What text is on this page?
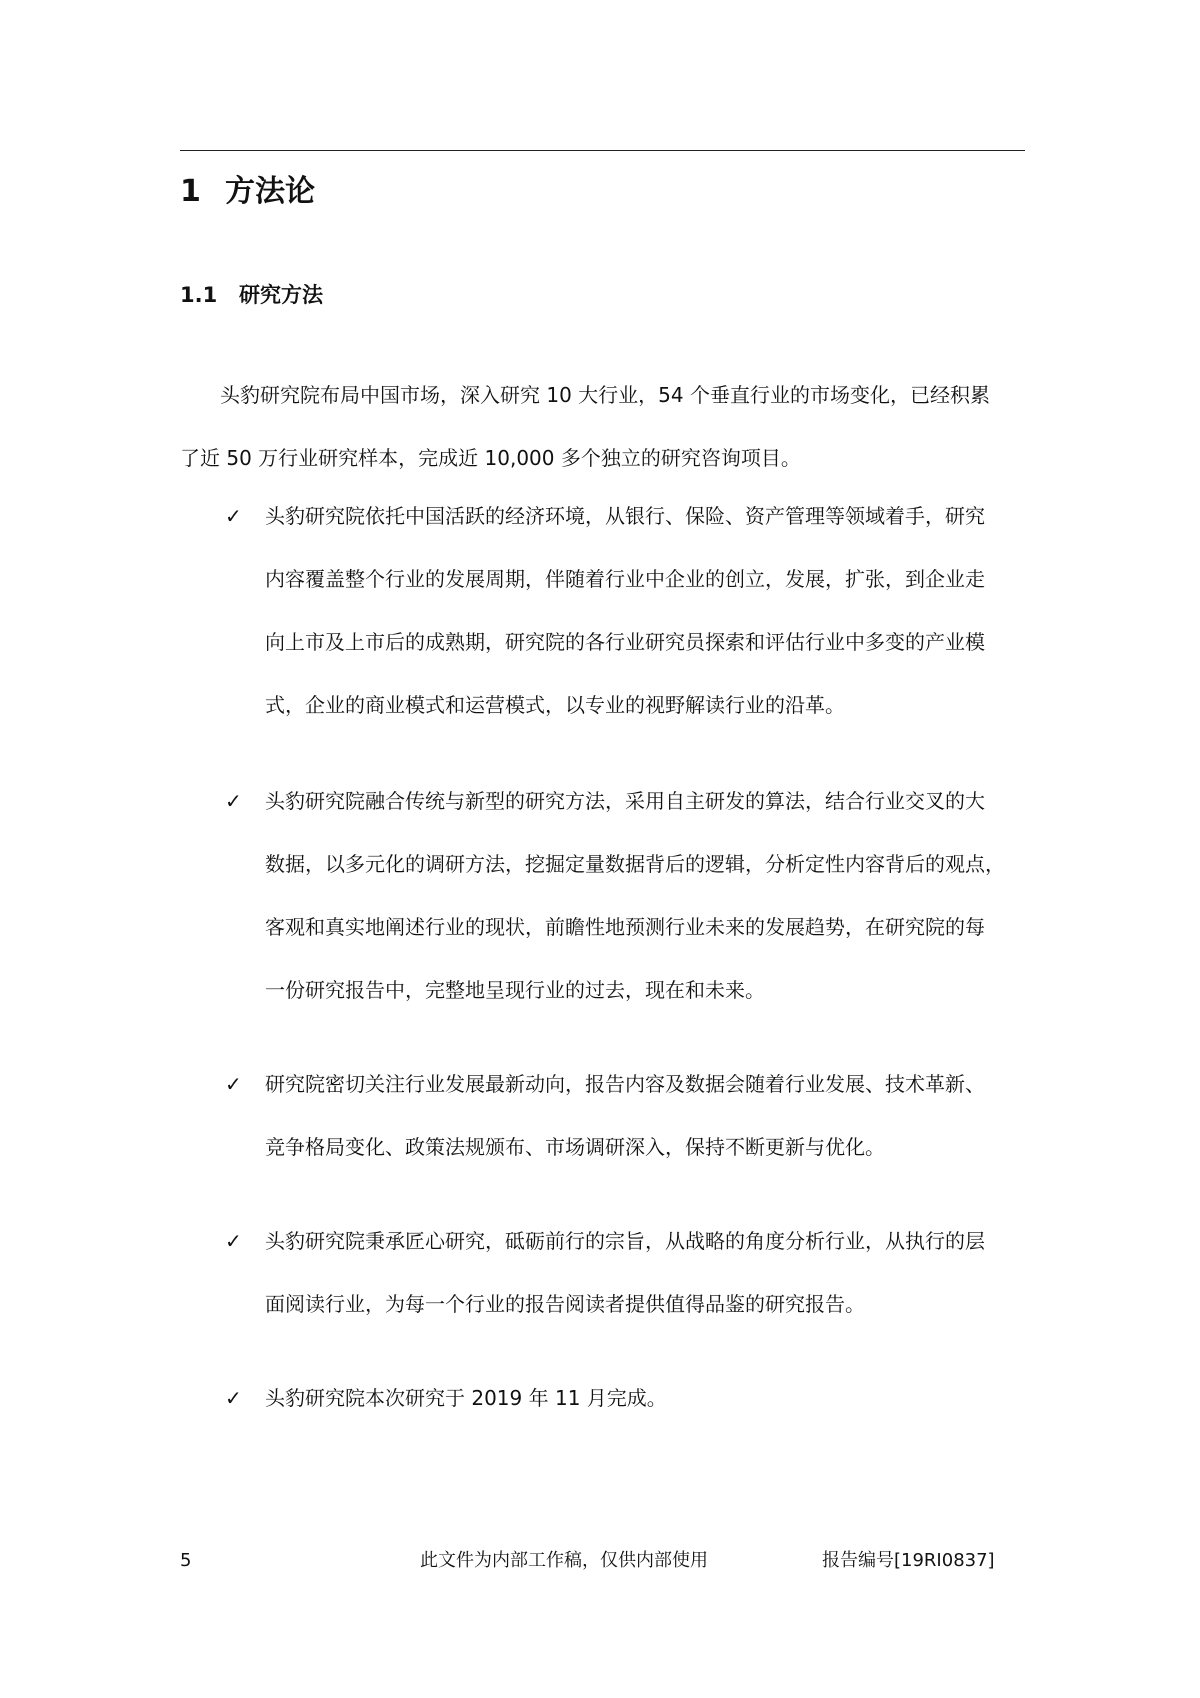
1 方法论
1.1 研究方法

头豹研究院布局中国市场，深入研究 10 大行业，54 个垂直行业的市场变化，已经积累
了近 50 万行业研究样本，完成近 10,000 多个独立的研究咨询项目。

✓ 头豹研究院依托中国活跃的经济环境，从银行、保险、资产管理等领域着手，研究
内容覆盖整个行业的发展周期，伴随着行业中企业的创立，发展，扩张，到企业走
向上市及上市后的成熟期，研究院的各行业研究员探索和评估行业中多变的产业模
式，企业的商业模式和运营模式，以专业的视野解读行业的沿革。
✓ 头豹研究院融合传统与新型的研究方法，采用自主研发的算法，结合行业交叉的大
数据，以多元化的调研方法，挖掘定量数据背后的逻辑，分析定性内容背后的观点，
客观和真实地阐述行业的现状，前瞻性地预测行业未来的发展趋势，在研究院的每
一份研究报告中，完整地呈现行业的过去，现在和未来。
✓ 研究院密切关注行业发展最新动向，报告内容及数据会随着行业发展、技术革新、
竞争格局变化、政策法规颁布、市场调研深入，保持不断更新与优化。
✓ 头豹研究院秉承匠心研究，砥砺前行的宗旨，从战略的角度分析行业，从执行的层
面阅读行业，为每一个行业的报告阅读者提供值得品鉴的研究报告。
✓ 头豹研究院本次研究于 2019 年 11 月完成。
5	此文件为内部工作稿，仅供内部使用	报告编号[19RI0837]
